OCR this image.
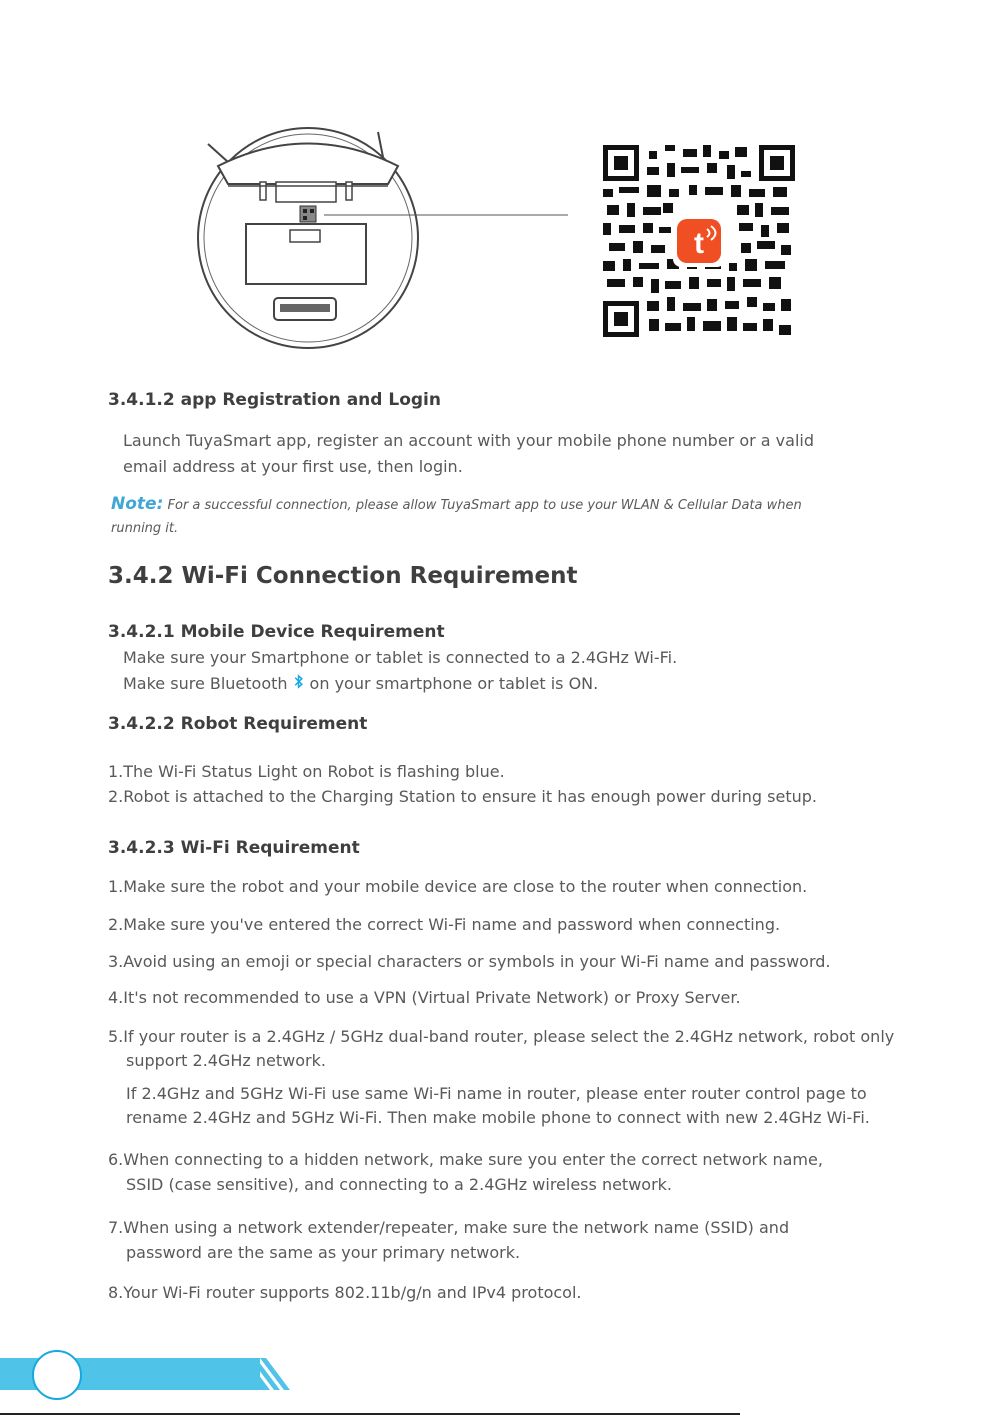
t
3.4.1.2 app Registration and Login
Launch TuyaSmart app, register an account with your mobile phone number or a valid
email address at your first use, then login.
Note: For a successful connection, please allow TuyaSmart app to use your WLAN & Cellular Data when
running it.
3.4.2 Wi-Fi Connection Requirement
3.4.2.1 Mobile Device Requirement
Make sure your Smartphone or tablet is connected to a 2.4GHz Wi-Fi.
Make sure Bluetooth on your smartphone or tablet is ON.
3.4.2.2 Robot Requirement
1.The Wi-Fi Status Light on Robot is flashing blue.
2.Robot is attached to the Charging Station to ensure it has enough power during setup.
3.4.2.3 Wi-Fi Requirement
1.Make sure the robot and your mobile device are close to the router when connection.
2.Make sure you've entered the correct Wi-Fi name and password when connecting.
3.Avoid using an emoji or special characters or symbols in your Wi-Fi name and password.
4.It's not recommended to use a VPN (Virtual Private Network) or Proxy Server.
5.If your router is a 2.4GHz / 5GHz dual-band router, please select the 2.4GHz network, robot only
support 2.4GHz network.
If 2.4GHz and 5GHz Wi-Fi use same Wi-Fi name in router, please enter router control page to
rename 2.4GHz and 5GHz Wi-Fi. Then make mobile phone to connect with new 2.4GHz Wi-Fi.
6.When connecting to a hidden network, make sure you enter the correct network name,
SSID (case sensitive), and connecting to a 2.4GHz wireless network.
7.When using a network extender/repeater, make sure the network name (SSID) and
password are the same as your primary network.
8.Your Wi-Fi router supports 802.11b/g/n and IPv4 protocol.
